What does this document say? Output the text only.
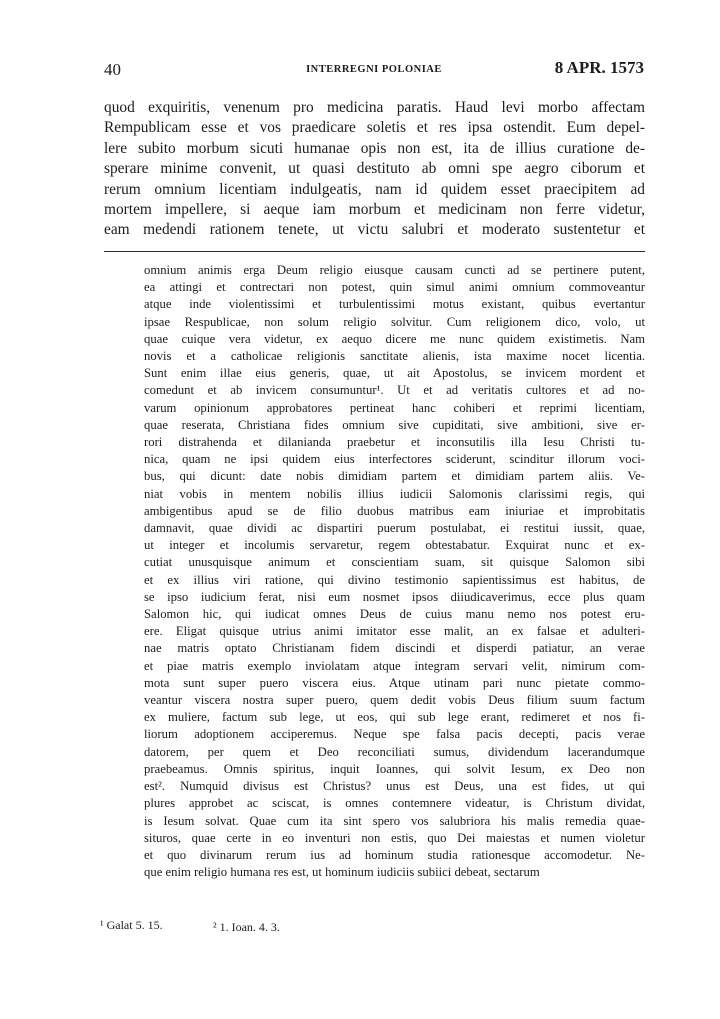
40	INTERREGNI POLONIAE	8 APR. 1573
quod exquiritis, venenum pro medicina paratis. Haud levi morbo affectam
Rempublicam esse et vos praedicare soletis et res ipsa ostendit. Eum depel-
lere subito morbum sicuti humanae opis non est, ita de illius curatione de-
sperare minime convenit, ut quasi destituto ab omni spe aegro ciborum et
rerum omnium licentiam indulgeatis, nam id quidem esset praecipitem ad
mortem impellere, si aeque iam morbum et medicinam non ferre videtur,
eam medendi rationem tenete, ut victu salubri et moderato sustentetur et
omnium animis erga Deum religio eiusque causam cuncti ad se pertinere putent,
ea attingi et contrectari non potest, quin simul animi omnium commoveantur
atque inde violentissimi et turbulentissimi motus existant, quibus evertantur
ipsae Respublicae, non solum religio solvitur. Cum religionem dico, volo, ut
quae cuique vera videtur, ex aequo dicere me nunc quidem existimetis. Nam
novis et a catholicae religionis sanctitate alienis, ista maxime nocet licentia.
Sunt enim illae eius generis, quae, ut ait Apostolus, se invicem mordent et
comedunt et ab invicem consumuntur¹. Ut et ad veritatis cultores et ad no-
varum opinionum approbatores pertineat hanc cohiberi et reprimi licentiam,
quae reserata, Christiana fides omnium sive cupiditati, sive ambitioni, sive er-
rori distrahenda et dilanianda praebetur et inconsutilis illa Iesu Christi tu-
nica, quam ne ipsi quidem eius interfectores sciderunt, scinditur illorum voci-
bus, qui dicunt: date nobis dimidiam partem et dimidiam partem aliis. Ve-
niat vobis in mentem nobilis illius iudicii Salomonis clarissimi regis, qui
ambigentibus apud se de filio duobus matribus eam iniuriae et improbitatis
damnavit, quae dividi ac dispartiri puerum postulabat, ei restitui iussit, quae,
ut integer et incolumis servaretur, regem obtestabatur. Exquirat nunc et ex-
cutiat unusquisque animum et conscientiam suam, sit quisque Salomon sibi
et ex illius viri ratione, qui divino testimonio sapientissimus est habitus, de
se ipso iudicium ferat, nisi eum nosmet ipsos diiudicaverimus, ecce plus quam
Salomon hic, qui iudicat omnes Deus de cuius manu nemo nos potest eru-
ere. Eligat quisque utrius animi imitator esse malit, an ex falsae et adulteri-
nae matris optato Christianam fidem discindi et disperdi patiatur, an verae
et piae matris exemplo inviolatam atque integram servari velit, nimirum com-
mota sunt super puero viscera eius. Atque utinam pari nunc pietate commo-
veantur viscera nostra super puero, quem dedit vobis Deus filium suum factum
ex muliere, factum sub lege, ut eos, qui sub lege erant, redimeret et nos fi-
liorum adoptionem acciperemus. Neque spe falsa pacis decepti, pacis verae
datorem, per quem et Deo reconciliati sumus, dividendum lacerandumque
praebeamus. Omnis spiritus, inquit Ioannes, qui solvit Iesum, ex Deo non
est². Numquid divisus est Christus? unus est Deus, una est fides, ut qui
plures approbet ac sciscat, is omnes contemnere videatur, is Christum dividat,
is Iesum solvat. Quae cum ita sint spero vos salubriora his malis remedia quae-
situros, quae certe in eo inventuri non estis, quo Dei maiestas et numen violetur
et quo divinarum rerum ius ad hominum studia rationesque accomodetur. Ne-
que enim religio humana res est, ut hominum iudiciis subiici debeat, sectarum
¹ Galat 5. 15.	² 1. Ioan. 4. 3.
